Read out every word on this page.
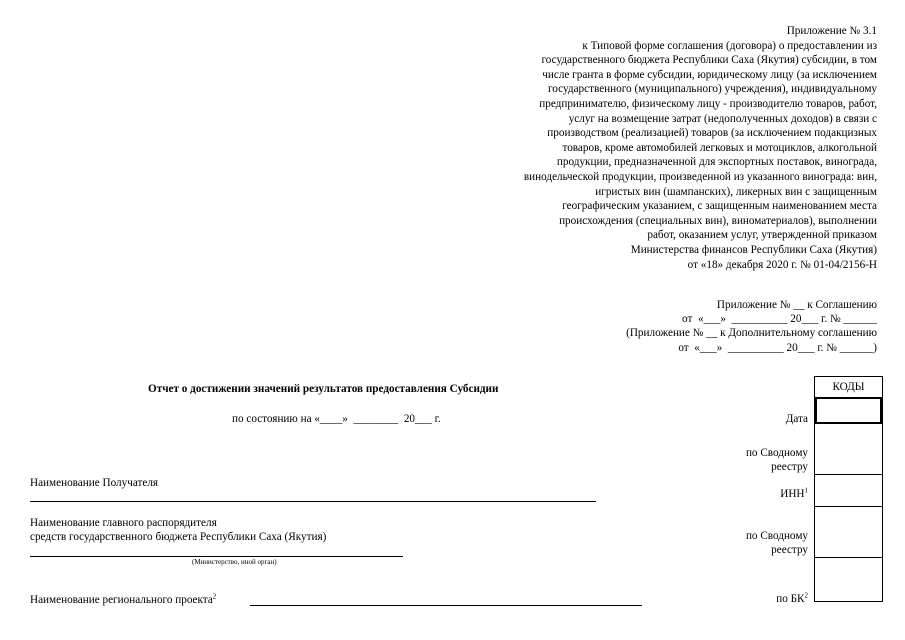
Приложение № 3.1
к Типовой форме соглашения (договора) о предоставлении из
государственного бюджета Республики Саха (Якутия) субсидии, в том
числе гранта в форме субсидии, юридическому лицу (за исключением
государственного (муниципального) учреждения), индивидуальному
предпринимателю, физическому лицу - производителю товаров, работ,
услуг на возмещение затрат (недополученных доходов) в связи с
производством (реализацией) товаров (за исключением подакцизных
товаров, кроме автомобилей легковых и мотоциклов, алкогольной
продукции, предназначенной для экспортных поставок, винограда,
винодельческой продукции, произведенной из указанного винограда: вин,
игристых вин (шампанских), ликерных вин с защищенным
географическим указанием, с защищенным наименованием места
происхождения (специальных вин), виноматериалов), выполнении
работ, оказанием услуг, утвержденной приказом
Министерства финансов Республики Саха (Якутия)
от «18» декабря 2020 г. № 01-04/2156-Н
Приложение № __ к Соглашению
от  «___»  __________ 20___ г. № ______
(Приложение № __ к Дополнительному соглашению
от  «___»  __________ 20___ г. № ______)
Отчет о достижении значений результатов предоставления Субсидии
по состоянию на «____»  ________  20___ г.
Наименование Получателя
Наименование главного распорядителя
средств государственного бюджета Республики Саха (Якутия)
(Министерство, иной орган)
Наименование регионального проекта$^2$
Дата
по Сводному реестру
ИНН$^1$
по Сводному реестру
по $БК^2$
КОДЫ
